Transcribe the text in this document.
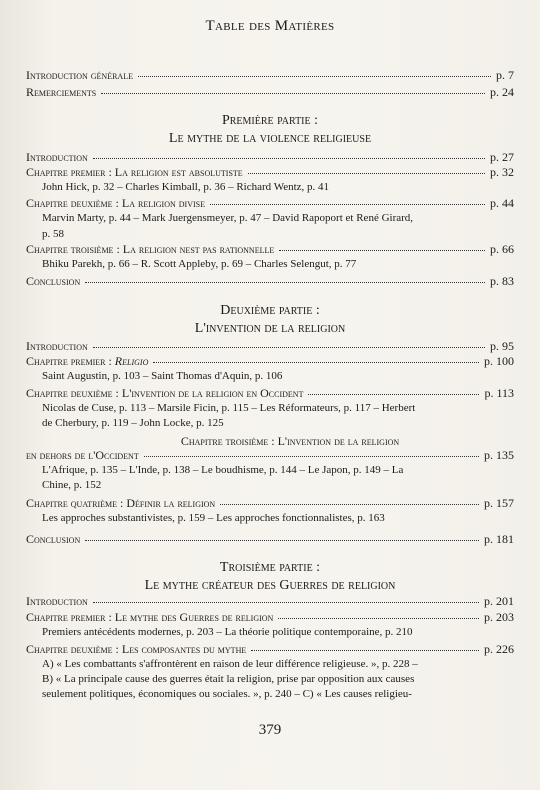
Table des Matières
Introduction générale	p. 7
Remerciements	p. 24
Première partie :
Le mythe de la violence religieuse
Introduction	p. 27
Chapitre premier : La religion est absolutiste	p. 32
John Hick, p. 32 – Charles Kimball, p. 36 – Richard Wentz, p. 41
Chapitre deuxième : La religion divise	p. 44
Marvin Marty, p. 44 – Mark Juergensmeyer, p. 47 – David Rapoport et René Girard,
p. 58
Chapitre troisième : La religion nest pas rationnelle	p. 66
Bhiku Parekh, p. 66 – R. Scott Appleby, p. 69 – Charles Selengut, p. 77
Conclusion	p. 83
Deuxième partie :
L'invention de la religion
Introduction	p. 95
Chapitre premier : Religio	p. 100
Saint Augustin, p. 103 – Saint Thomas d'Aquin, p. 106
Chapitre deuxième : L'invention de la religion en Occident	p. 113
Nicolas de Cuse, p. 113 – Marsile Ficin, p. 115 – Les Réformateurs, p. 117 – Herbert
de Cherbury, p. 119 – John Locke, p. 125
Chapitre troisième : L'invention de la religion
en dehors de l'Occident	p. 135
L'Afrique, p. 135 – L'Inde, p. 138 – Le boudhisme, p. 144 – Le Japon, p. 149 – La
Chine, p. 152
Chapitre quatrième : Définir la religion	p. 157
Les approches substantivistes, p. 159 – Les approches fonctionnalistes, p. 163
Conclusion	p. 181
Troisième partie :
Le mythe créateur des Guerres de religion
Introduction	p. 201
Chapitre premier : Le mythe des Guerres de religion	p. 203
Premiers antécédents modernes, p. 203 – La théorie politique contemporaine, p. 210
Chapitre deuxième : Les composantes du mythe	p. 226
A) « Les combattants s'affrontèrent en raison de leur différence religieuse. », p. 228 –
B) « La principale cause des guerres était la religion, prise par opposition aux causes
seulement politiques, économiques ou sociales. », p. 240 – C) « Les causes religieu-
379
